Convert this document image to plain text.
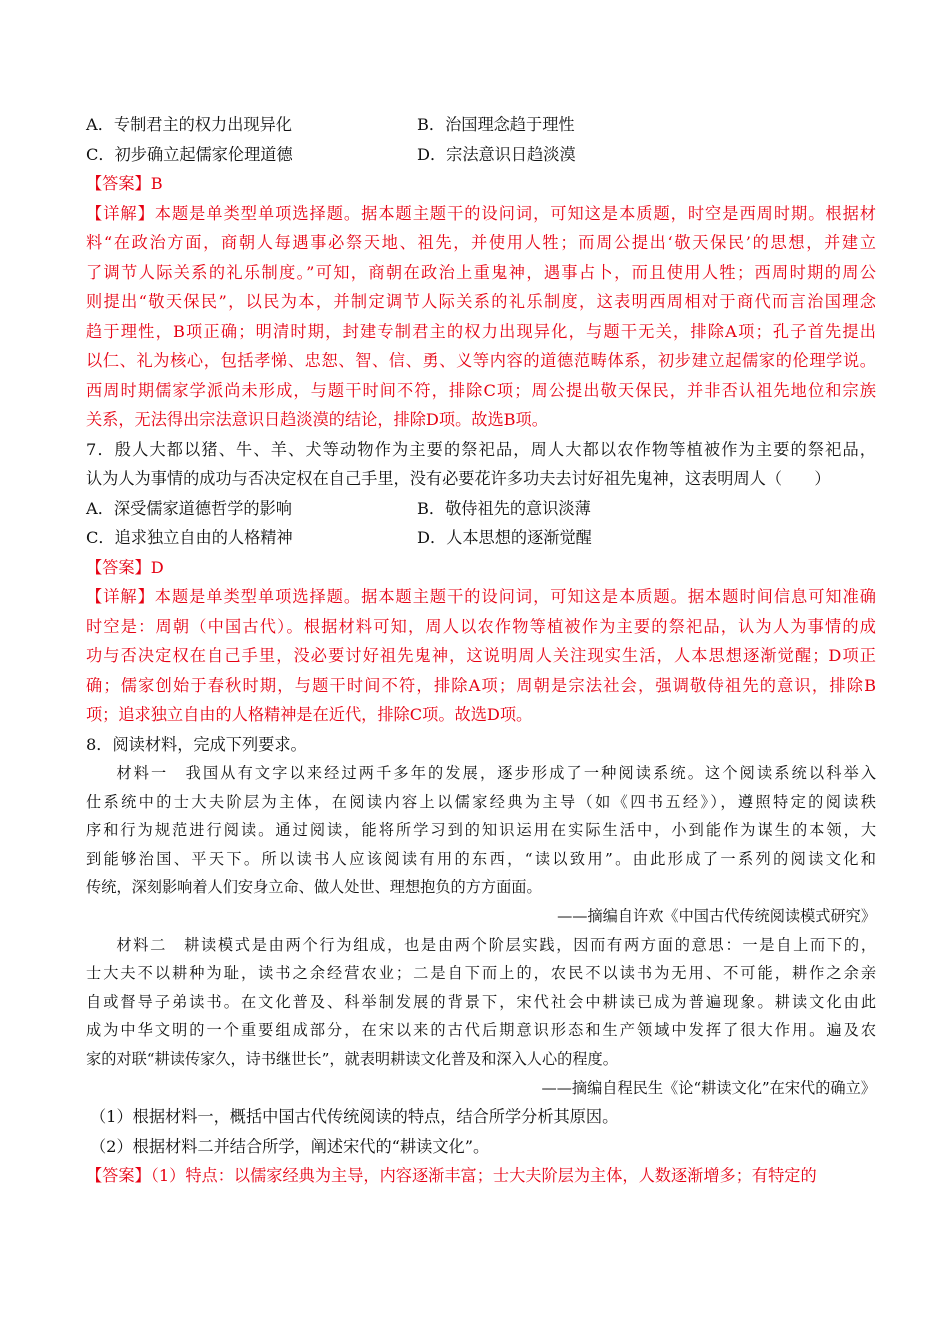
A．专制君主的权力出现异化	B．治国理念趋于理性
C．初步确立起儒家伦理道德	D．宗法意识日趋淡漠
【答案】B
【详解】本题是单类型单项选择题。据本题主题干的设问词，可知这是本质题，时空是西周时期。根据材
料“在政治方面，商朝人每遇事必祭天地、祖先，并使用人牲；而周公提出‘敬天保民’的思想，并建立
了调节人际关系的礼乐制度。”可知，商朝在政治上重鬼神，遇事占卜，而且使用人牲；西周时期的周公
则提出“敬天保民”，以民为本，并制定调节人际关系的礼乐制度，这表明西周相对于商代而言治国理念
趋于理性，B项正确；明清时期，封建专制君主的权力出现异化，与题干无关，排除A项；孔子首先提出
以仁、礼为核心，包括孝悌、忠恕、智、信、勇、义等内容的道德范畴体系，初步建立起儒家的伦理学说。
西周时期儒家学派尚未形成，与题干时间不符，排除C项；周公提出敬天保民，并非否认祖先地位和宗族
关系，无法得出宗法意识日趋淡漠的结论，排除D项。故选B项。
7．殷人大都以猪、牛、羊、犬等动物作为主要的祭祀品，周人大都以农作物等植被作为主要的祭祀品，
认为人为事情的成功与否决定权在自己手里，没有必要花许多功夫去讨好祖先鬼神，这表明周人（　　）
A．深受儒家道德哲学的影响	B．敬侍祖先的意识淡薄
C．追求独立自由的人格精神	D．人本思想的逐渐觉醒
【答案】D
【详解】本题是单类型单项选择题。据本题主题干的设问词，可知这是本质题。据本题时间信息可知准确
时空是：周朝（中国古代）。根据材料可知，周人以农作物等植被作为主要的祭祀品，认为人为事情的成
功与否决定权在自己手里，没必要讨好祖先鬼神，这说明周人关注现实生活，人本思想逐渐觉醒；D项正
确；儒家创始于春秋时期，与题干时间不符，排除A项；周朝是宗法社会，强调敬侍祖先的意识，排除B
项；追求独立自由的人格精神是在近代，排除C项。故选D项。
8．阅读材料，完成下列要求。
材料一　我国从有文字以来经过两千多年的发展，逐步形成了一种阅读系统。这个阅读系统以科举入
仕系统中的士大夫阶层为主体，在阅读内容上以儒家经典为主导（如《四书五经》），遵照特定的阅读秩
序和行为规范进行阅读。通过阅读，能将所学习到的知识运用在实际生活中，小到能作为谋生的本领，大
到能够治国、平天下。所以读书人应该阅读有用的东西，“读以致用”。由此形成了一系列的阅读文化和
传统，深刻影响着人们安身立命、做人处世、理想抱负的方方面面。
——摘编自许欢《中国古代传统阅读模式研究》
材料二　耕读模式是由两个行为组成，也是由两个阶层实践，因而有两方面的意思：一是自上而下的，
士大夫不以耕种为耻，读书之余经营农业；二是自下而上的，农民不以读书为无用、不可能，耕作之余亲
自或督导子弟读书。在文化普及、科举制发展的背景下，宋代社会中耕读已成为普遍现象。耕读文化由此
成为中华文明的一个重要组成部分，在宋以来的古代后期意识形态和生产领域中发挥了很大作用。遍及农
家的对联“耕读传家久，诗书继世长”，就表明耕读文化普及和深入人心的程度。
——摘编自程民生《论“耕读文化”在宋代的确立》
（1）根据材料一，概括中国古代传统阅读的特点，结合所学分析其原因。
（2）根据材料二并结合所学，阐述宋代的“耕读文化”。
【答案】（1）特点：以儒家经典为主导，内容逐渐丰富；士大夫阶层为主体，人数逐渐增多；有特定的
